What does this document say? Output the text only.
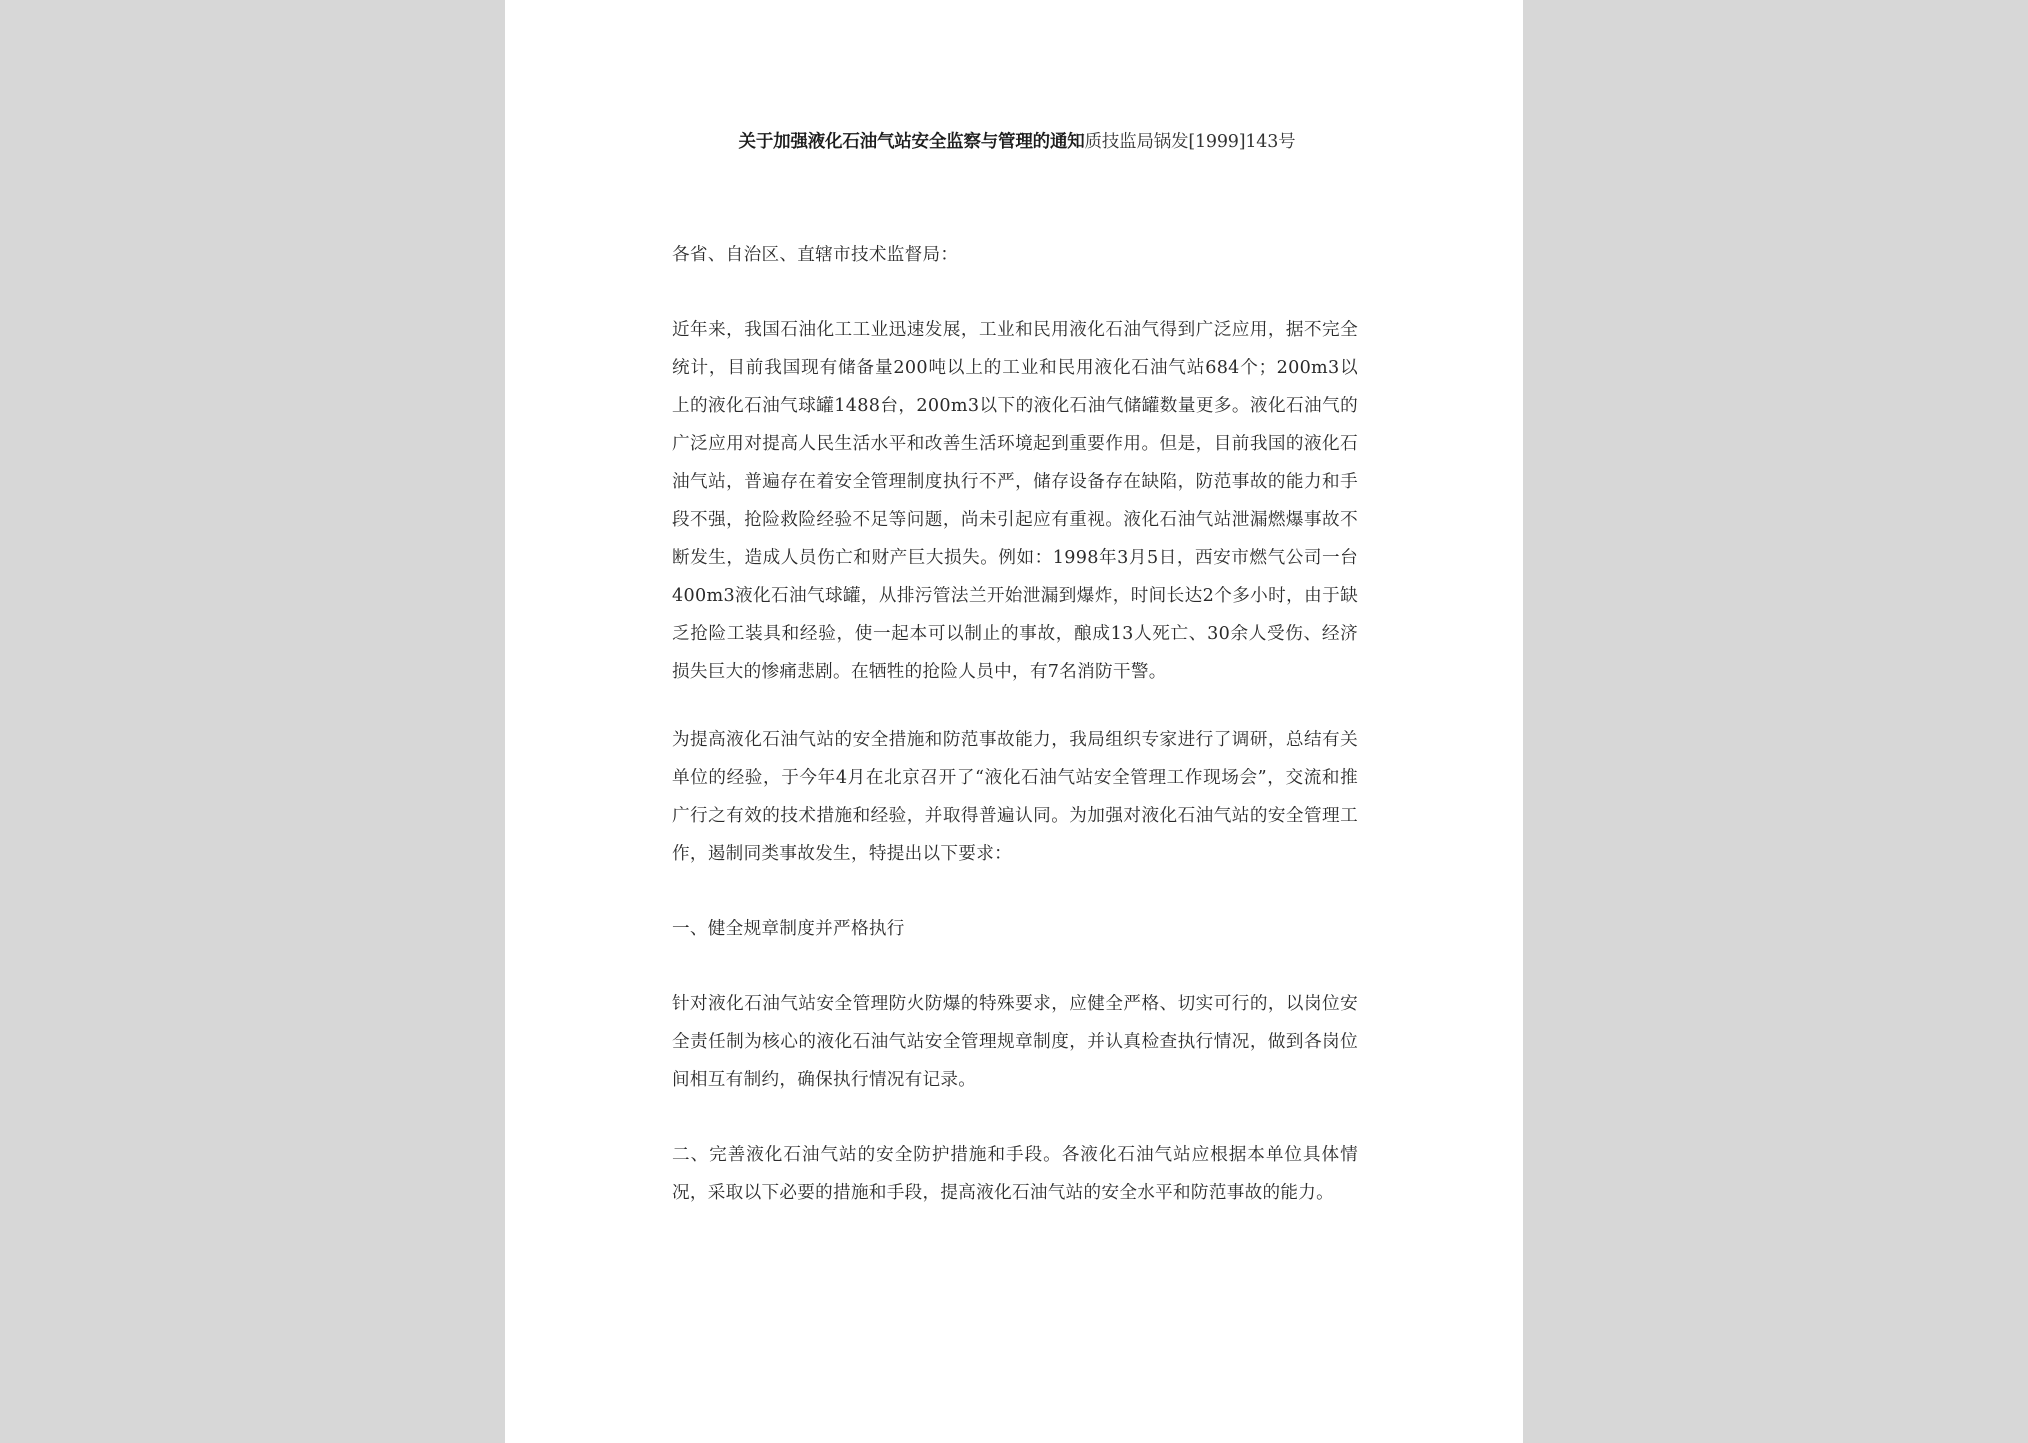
关于加强液化石油气站安全监察与管理的通知质技监局锅发[1999]143号

各省、自治区、直辖市技术监督局：

近年来，我国石油化工工业迅速发展，工业和民用液化石油气得到广泛应用，据不完全统计，目前我国现有储备量200吨以上的工业和民用液化石油气站684个；200m3以上的液化石油气球罐1488台，200m3以下的液化石油气储罐数量更多。液化石油气的广泛应用对提高人民生活水平和改善生活环境起到重要作用。但是，目前我国的液化石油气站，普遍存在着安全管理制度执行不严，储存设备存在缺陷，防范事故的能力和手段不强，抢险救险经验不足等问题，尚未引起应有重视。液化石油气站泄漏燃爆事故不断发生，造成人员伤亡和财产巨大损失。例如：1998年3月5日，西安市燃气公司一台400m3液化石油气球罐，从排污管法兰开始泄漏到爆炸，时间长达2个多小时，由于缺乏抢险工装具和经验，使一起本可以制止的事故，酿成13人死亡、30余人受伤、经济损失巨大的惨痛悲剧。在牺牲的抢险人员中，有7名消防干警。

为提高液化石油气站的安全措施和防范事故能力，我局组织专家进行了调研，总结有关单位的经验，于今年4月在北京召开了“液化石油气站安全管理工作现场会”，交流和推广行之有效的技术措施和经验，并取得普遍认同。为加强对液化石油气站的安全管理工作，遏制同类事故发生，特提出以下要求：

一、健全规章制度并严格执行

针对液化石油气站安全管理防火防爆的特殊要求，应健全严格、切实可行的，以岗位安全责任制为核心的液化石油气站安全管理规章制度，并认真检查执行情况，做到各岗位间相互有制约，确保执行情况有记录。

二、完善液化石油气站的安全防护措施和手段。各液化石油气站应根据本单位具体情况，采取以下必要的措施和手段，提高液化石油气站的安全水平和防范事故的能力。
